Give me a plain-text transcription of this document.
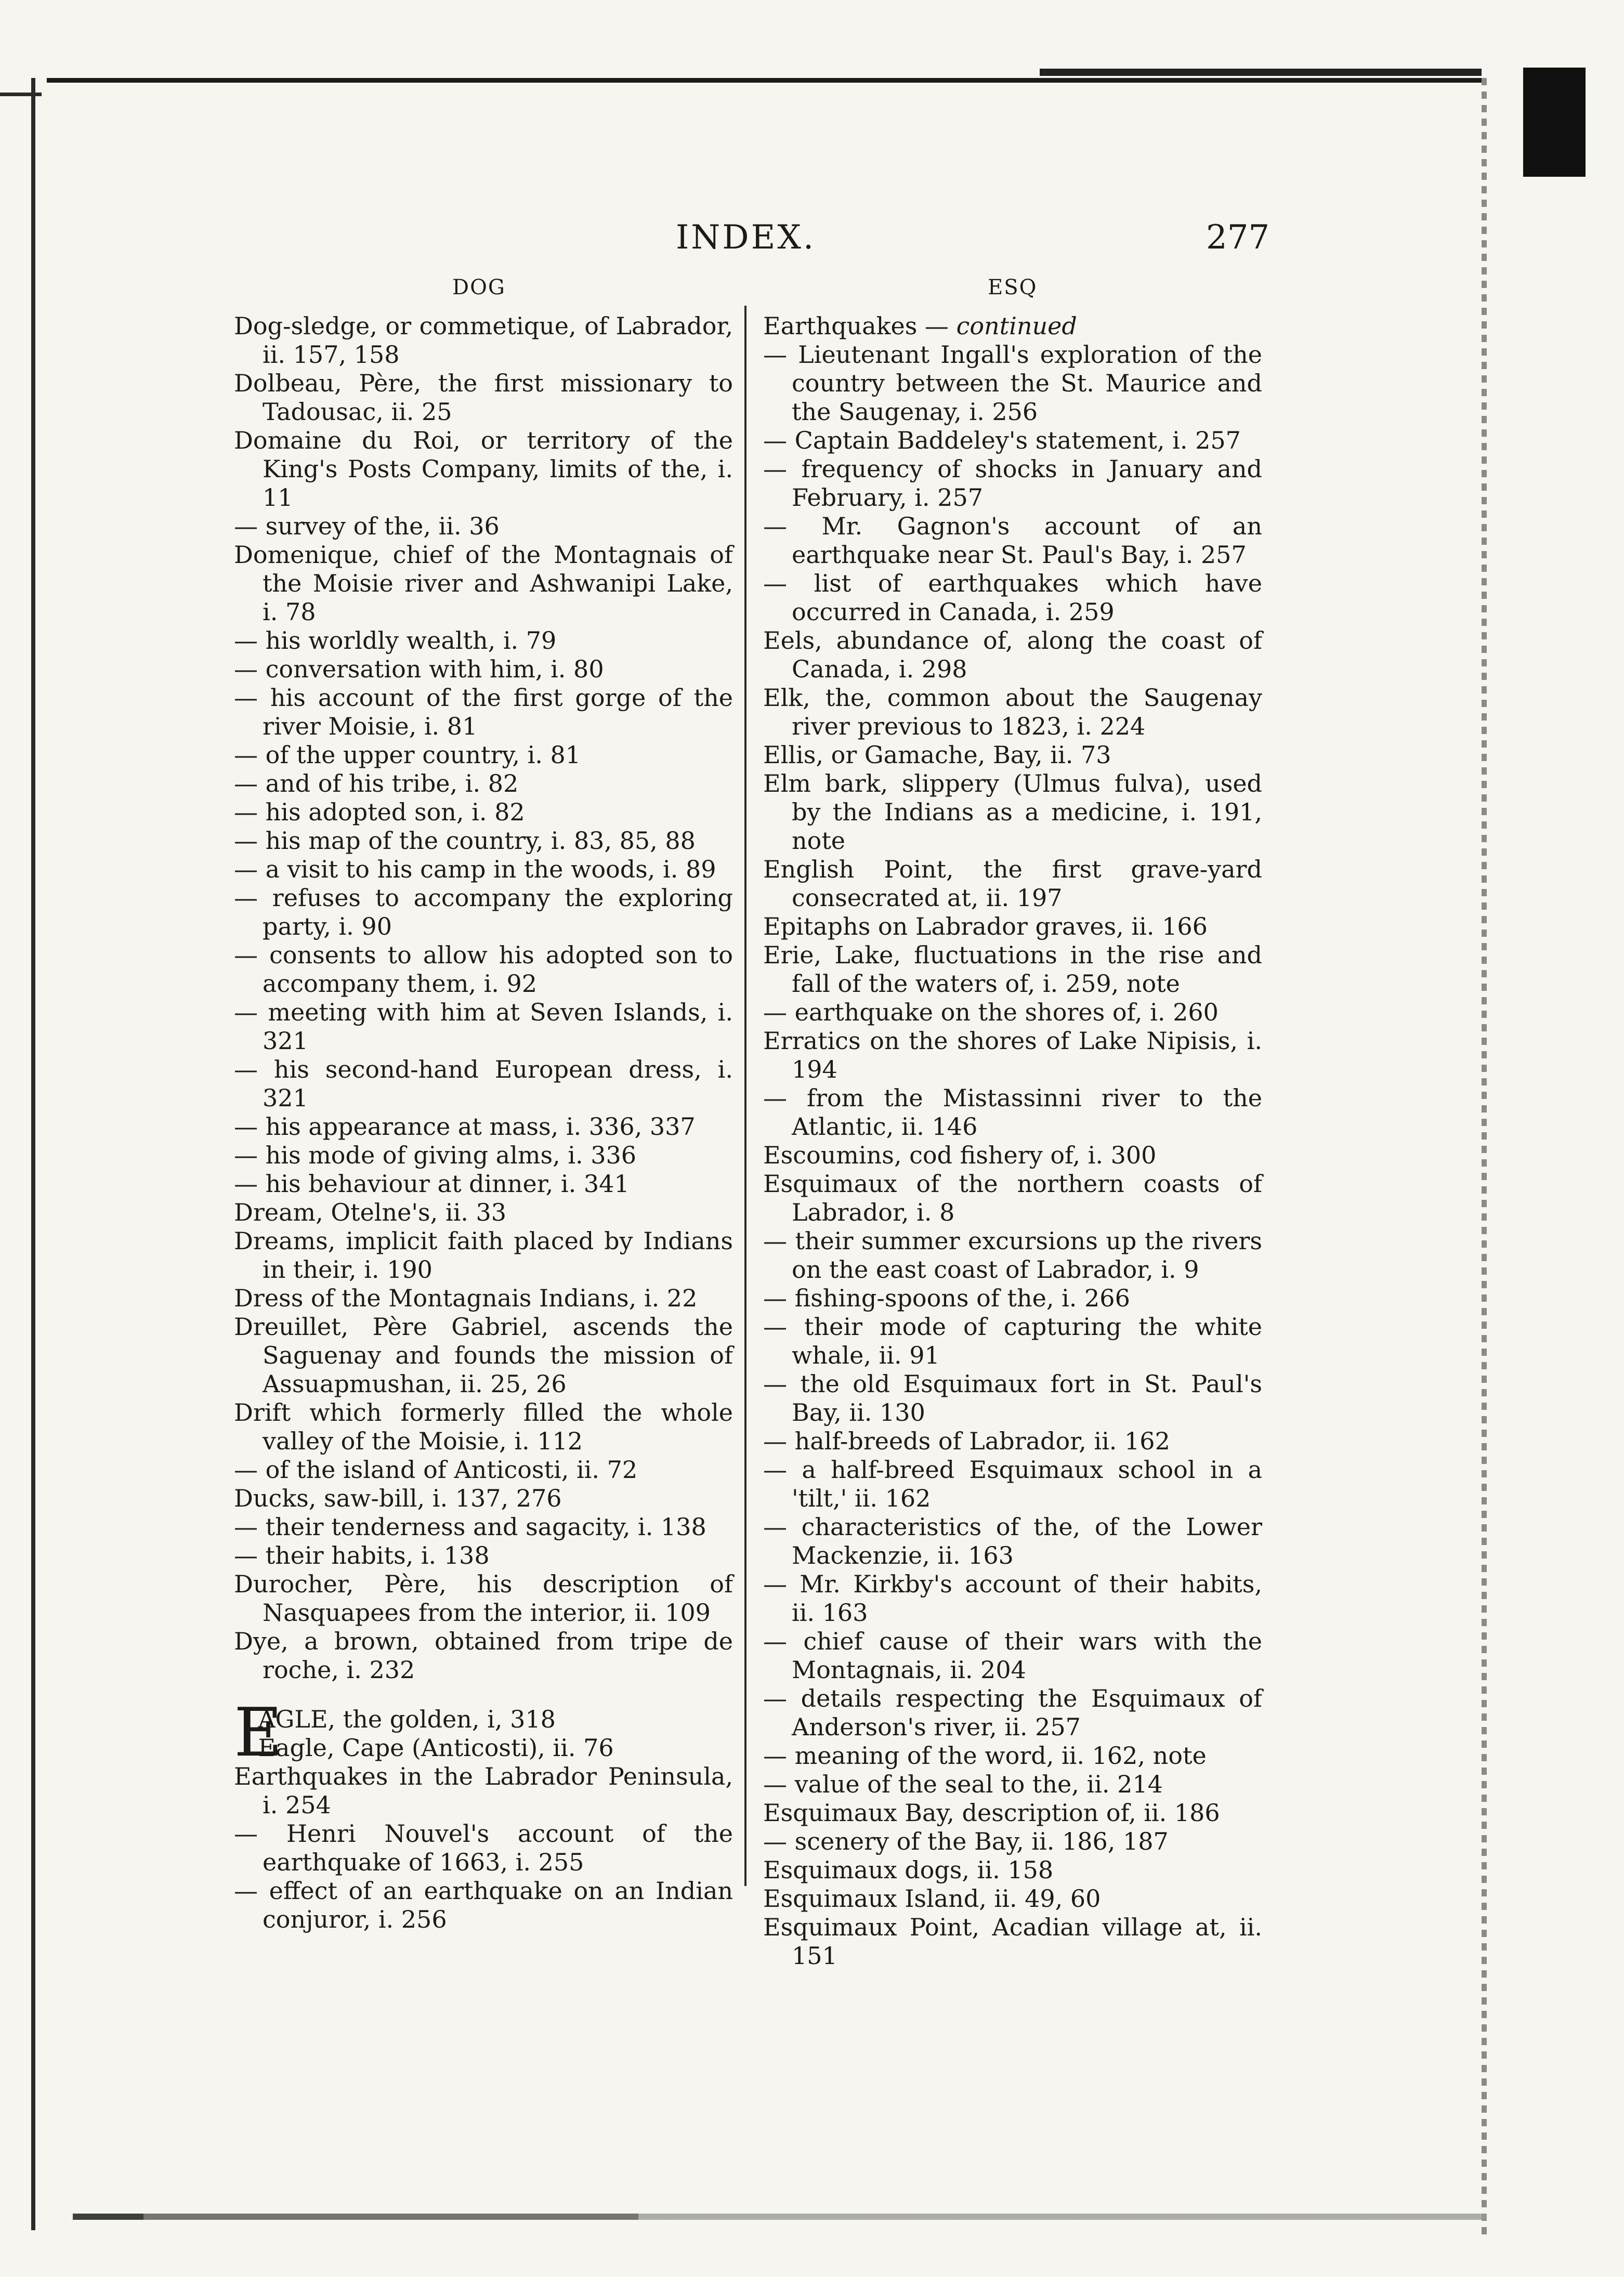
INDEX.	277
DOG	ESQ
Dog-sledge, or commetique, of Labrador, ii. 157, 158
Dolbeau, Père, the first missionary to Tadousac, ii. 25
Domaine du Roi, or territory of the King's Posts Company, limits of the, i. 11
— survey of the, ii. 36
Domenique, chief of the Montagnais of the Moisie river and Ashwanipi Lake, i. 78
— his worldly wealth, i. 79
— conversation with him, i. 80
— his account of the first gorge of the river Moisie, i. 81
— of the upper country, i. 81
— and of his tribe, i. 82
— his adopted son, i. 82
— his map of the country, i. 83, 85, 88
— a visit to his camp in the woods, i. 89
— refuses to accompany the exploring party, i. 90
— consents to allow his adopted son to accompany them, i. 92
— meeting with him at Seven Islands, i. 321
— his second-hand European dress, i. 321
— his appearance at mass, i. 336, 337
— his mode of giving alms, i. 336
— his behaviour at dinner, i. 341
Dream, Otelne's, ii. 33
Dreams, implicit faith placed by Indians in their, i. 190
Dress of the Montagnais Indians, i. 22
Dreuillet, Père Gabriel, ascends the Saguenay and founds the mission of Assuapmushan, ii. 25, 26
Drift which formerly filled the whole valley of the Moisie, i. 112
— of the island of Anticosti, ii. 72
Ducks, saw-bill, i. 137, 276
— their tenderness and sagacity, i. 138
— their habits, i. 138
Durocher, Père, his description of Nasquapees from the interior, ii. 109
Dye, a brown, obtained from tripe de roche, i. 232
E
AGLE, the golden, i, 318
Eagle, Cape (Anticosti), ii. 76
Earthquakes in the Labrador Peninsula, i. 254
— Henri Nouvel's account of the earthquake of 1663, i. 255
— effect of an earthquake on an Indian conjuror, i. 256
Earthquakes — continued
— Lieutenant Ingall's exploration of the country between the St. Maurice and the Saugenay, i. 256
— Captain Baddeley's statement, i. 257
— frequency of shocks in January and February, i. 257
— Mr. Gagnon's account of an earthquake near St. Paul's Bay, i. 257
— list of earthquakes which have occurred in Canada, i. 259
Eels, abundance of, along the coast of Canada, i. 298
Elk, the, common about the Saugenay river previous to 1823, i. 224
Ellis, or Gamache, Bay, ii. 73
Elm bark, slippery (Ulmus fulva), used by the Indians as a medicine, i. 191, note
English Point, the first grave-yard consecrated at, ii. 197
Epitaphs on Labrador graves, ii. 166
Erie, Lake, fluctuations in the rise and fall of the waters of, i. 259, note
— earthquake on the shores of, i. 260
Erratics on the shores of Lake Nipisis, i. 194
— from the Mistassinni river to the Atlantic, ii. 146
Escoumins, cod fishery of, i. 300
Esquimaux of the northern coasts of Labrador, i. 8
— their summer excursions up the rivers on the east coast of Labrador, i. 9
— fishing-spoons of the, i. 266
— their mode of capturing the white whale, ii. 91
— the old Esquimaux fort in St. Paul's Bay, ii. 130
— half-breeds of Labrador, ii. 162
— a half-breed Esquimaux school in a 'tilt,' ii. 162
— characteristics of the, of the Lower Mackenzie, ii. 163
— Mr. Kirkby's account of their habits, ii. 163
— chief cause of their wars with the Montagnais, ii. 204
— details respecting the Esquimaux of Anderson's river, ii. 257
— meaning of the word, ii. 162, note
— value of the seal to the, ii. 214
Esquimaux Bay, description of, ii. 186
— scenery of the Bay, ii. 186, 187
Esquimaux dogs, ii. 158
Esquimaux Island, ii. 49, 60
Esquimaux Point, Acadian village at, ii. 151
